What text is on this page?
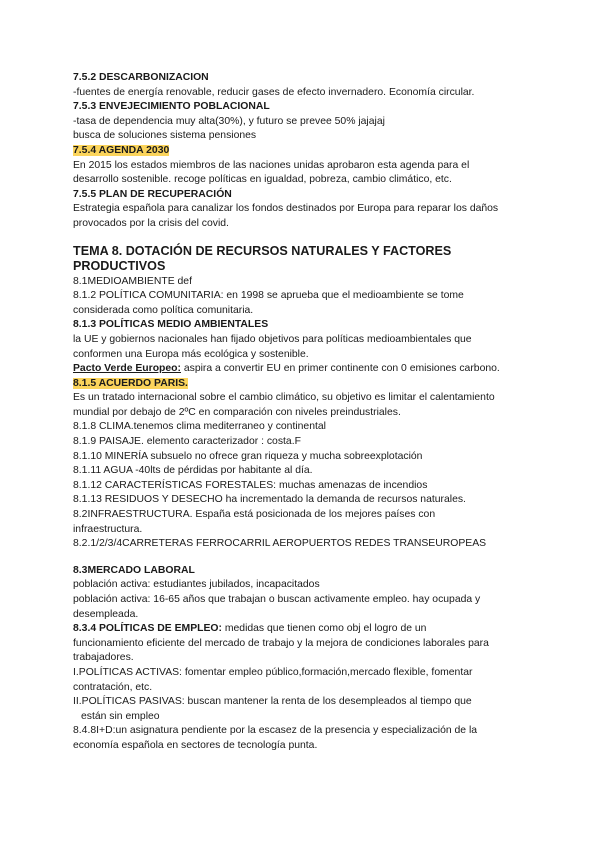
7.5.2 DESCARBONIZACION
-fuentes de energía renovable, reducir gases de efecto invernadero. Economía circular.
7.5.3 ENVEJECIMIENTO POBLACIONAL
-tasa de dependencia muy alta(30%), y futuro se prevee 50% jajajaj
busca de soluciones sistema pensiones
7.5.4 AGENDA 2030
En 2015 los estados miembros de las naciones unidas aprobaron esta agenda para el
desarrollo sostenible. recoge políticas en igualdad, pobreza, cambio climático, etc.
7.5.5 PLAN DE RECUPERACIÓN
Estrategia española para canalizar los fondos destinados por Europa para reparar los daños
provocados por la crisis del covid.
TEMA 8. DOTACIÓN DE RECURSOS NATURALES Y FACTORES
PRODUCTIVOS
8.1MEDIOAMBIENTE def
8.1.2 POLÍTICA COMUNITARIA: en 1998 se aprueba que el medioambiente se tome
considerada como política comunitaria.
8.1.3 POLÍTICAS MEDIO AMBIENTALES
la UE y gobiernos nacionales han fijado objetivos para políticas medioambientales que
conformen una Europa más ecológica y sostenible.
Pacto Verde Europeo: aspira a convertir EU en primer continente con 0 emisiones carbono.
8.1.5 ACUERDO PARIS.
Es un tratado internacional sobre el cambio climático, su objetivo es limitar el calentamiento
mundial por debajo de 2ºC en comparación con niveles preindustriales.
8.1.8 CLIMA.tenemos clima mediterraneo y continental
8.1.9 PAISAJE. elemento caracterizador : costa.F
8.1.10 MINERÍA subsuelo no ofrece gran riqueza y mucha sobreexplotación
8.1.11 AGUA -40lts de pérdidas por habitante al día.
8.1.12 CARACTERÍSTICAS FORESTALES: muchas amenazas de incendios
8.1.13 RESIDUOS Y DESECHO ha incrementado la demanda de recursos naturales.
8.2INFRAESTRUCTURA. España está posicionada de los mejores países con
infraestructura.
8.2.1/2/3/4CARRETERAS FERROCARRIL AEROPUERTOS REDES TRANSEUROPEAS
8.3MERCADO LABORAL
población activa: estudiantes jubilados, incapacitados
población activa: 16-65 años que trabajan o buscan activamente empleo. hay ocupada y
desempleada.
8.3.4 POLÍTICAS DE EMPLEO: medidas que tienen como obj el logro de un
funcionamiento eficiente del mercado de trabajo y la mejora de condiciones laborales para
trabajadores.
I.POLÍTICAS ACTIVAS: fomentar empleo público,formación,mercado flexible, fomentar
contratación, etc.
II.POLÍTICAS PASIVAS: buscan mantener la renta de los desempleados al tiempo que
están sin empleo
8.4.8I+D:un asignatura pendiente por la escasez de la presencia y especialización de la
economía española en sectores de tecnología punta.
